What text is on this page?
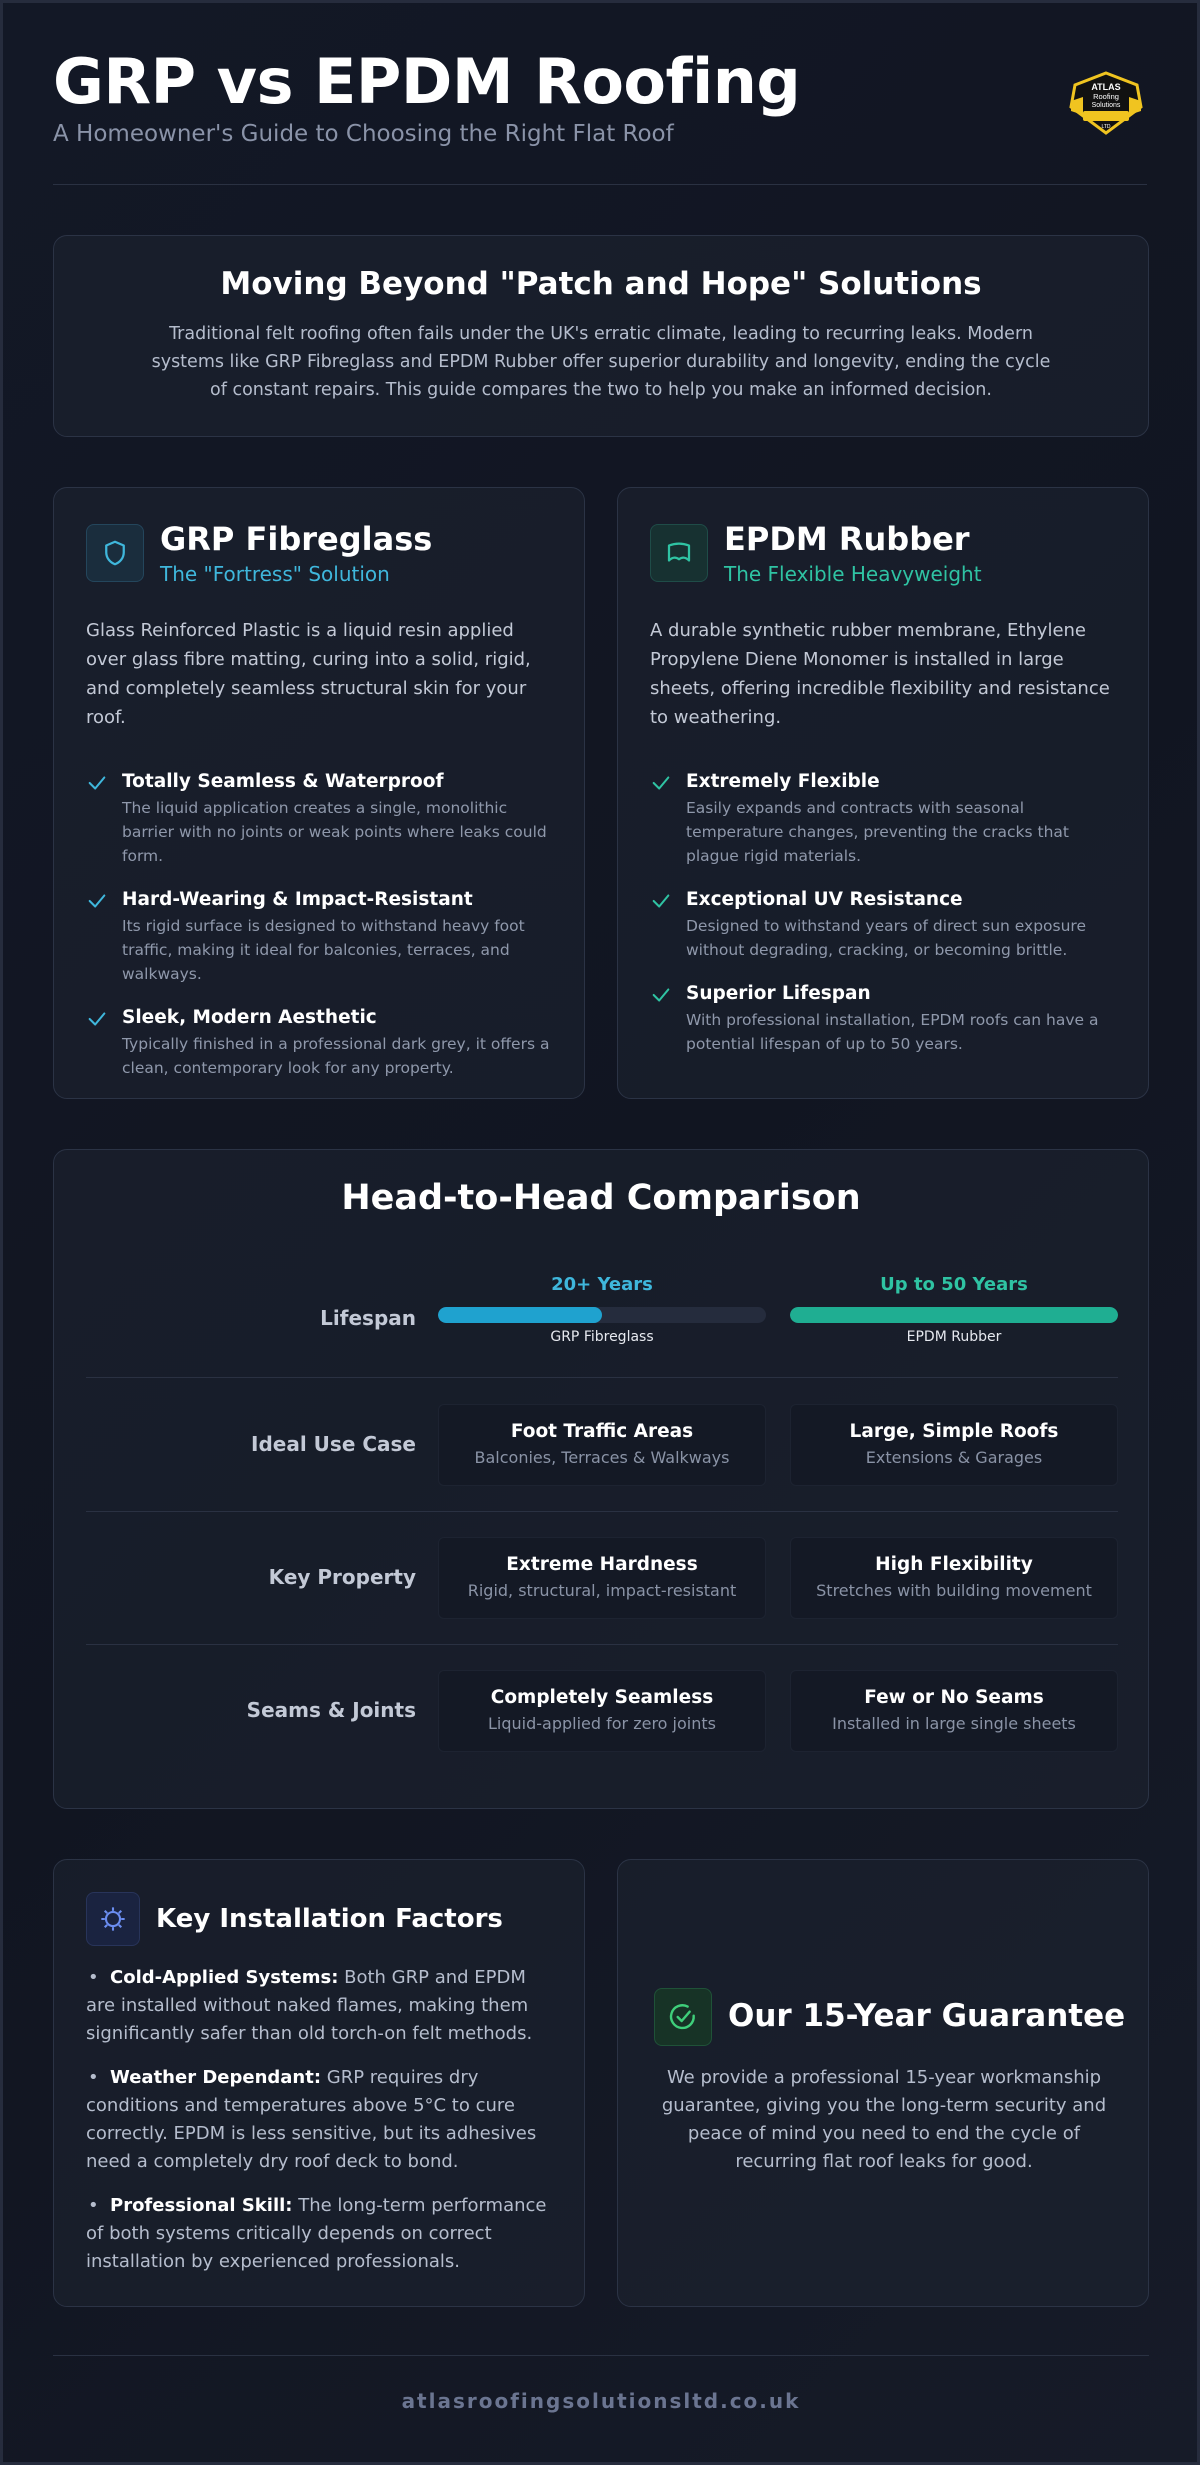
GRP vs EPDM Roofing
A Homeowner's Guide to Choosing the Right Flat Roof
ATLAS
Roofing
Solutions
LTD
Moving Beyond "Patch and Hope" Solutions

Traditional felt roofing often fails under the UK's erratic climate, leading to recurring leaks. Modern systems like GRP Fibreglass and EPDM Rubber offer superior durability and longevity, ending the cycle of constant repairs. This guide compares the two to help you make an informed decision.

GRP Fibreglass
The "Fortress" Solution
Glass Reinforced Plastic is a liquid resin applied over glass fibre matting, curing into a solid, rigid, and completely seamless structural skin for your roof.
Totally Seamless & Waterproof
The liquid application creates a single, monolithic barrier with no joints or weak points where leaks could form.
Hard-Wearing & Impact-Resistant
Its rigid surface is designed to withstand heavy foot traffic, making it ideal for balconies, terraces, and walkways.
Sleek, Modern Aesthetic
Typically finished in a professional dark grey, it offers a clean, contemporary look for any property.
EPDM Rubber
The Flexible Heavyweight
A durable synthetic rubber membrane, Ethylene Propylene Diene Monomer is installed in large sheets, offering incredible flexibility and resistance to weathering.
Extremely Flexible
Easily expands and contracts with seasonal temperature changes, preventing the cracks that plague rigid materials.
Exceptional UV Resistance
Designed to withstand years of direct sun exposure without degrading, cracking, or becoming brittle.
Superior Lifespan
With professional installation, EPDM roofs can have a potential lifespan of up to 50 years.
Head-to-Head Comparison
Lifespan
20+ Years
GRP Fibreglass
Up to 50 Years
EPDM Rubber
Ideal Use Case
Foot Traffic Areas
Balconies, Terraces & Walkways
Large, Simple Roofs
Extensions & Garages
Key Property
Extreme Hardness
Rigid, structural, impact-resistant
High Flexibility
Stretches with building movement
Seams & Joints
Completely Seamless
Liquid-applied for zero joints
Few or No Seams
Installed in large single sheets
Key Installation Factors
• Cold-Applied Systems: Both GRP and EPDM are installed without naked flames, making them significantly safer than old torch-on felt methods.
• Weather Dependant: GRP requires dry conditions and temperatures above 5°C to cure correctly. EPDM is less sensitive, but its adhesives need a completely dry roof deck to bond.
• Professional Skill: The long-term performance of both systems critically depends on correct installation by experienced professionals.
Our 15-Year Guarantee
We provide a professional 15-year workmanship guarantee, giving you the long-term security and peace of mind you need to end the cycle of recurring flat roof leaks for good.
atlasroofingsolutionsltd.co.uk
